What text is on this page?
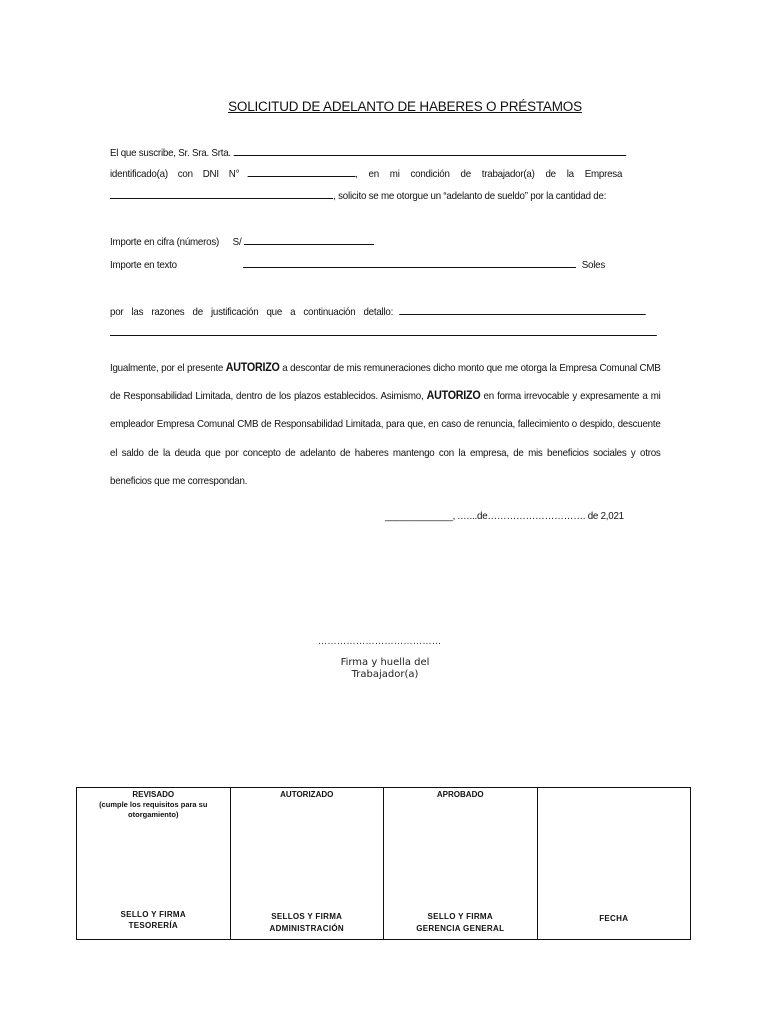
SOLICITUD DE ADELANTO DE HABERES O PRÉSTAMOS
El que suscribe, Sr. Sra. Srta.
identificado(a) con DNI N°	, en mi condición de trabajador(a) de la Empresa
, solicito se me otorgue un “adelanto de sueldo” por la cantidad de:
Importe en cifra (números) S/
Importe en texto	Soles
por las razones de justificación que a continuación detallo:
Igualmente, por el presente AUTORIZO a descontar de mis remuneraciones dicho monto que me otorga la Empresa Comunal CMB de Responsabilidad Limitada, dentro de los plazos establecidos. Asimismo, AUTORIZO en forma irrevocable y expresamente a mi empleador Empresa Comunal CMB de Responsabilidad Limitada, para que, en caso de renuncia, fallecimiento o despido, descuente el saldo de la deuda que por concepto de adelanto de haberes mantengo con la empresa, de mis beneficios sociales y otros beneficios que me correspondan.
_____________, .…...de…………………………. de 2,021
…………………………………
Firma y huella del
Trabajador(a)
REVISADO
(cumple los requisitos para su otorgamiento)
SELLO Y FIRMA
TESORERÍA

AUTORIZADO
SELLOS Y FIRMA
ADMINISTRACIÓN

APROBADO
SELLO Y FIRMA
GERENCIA GENERAL

FECHA
